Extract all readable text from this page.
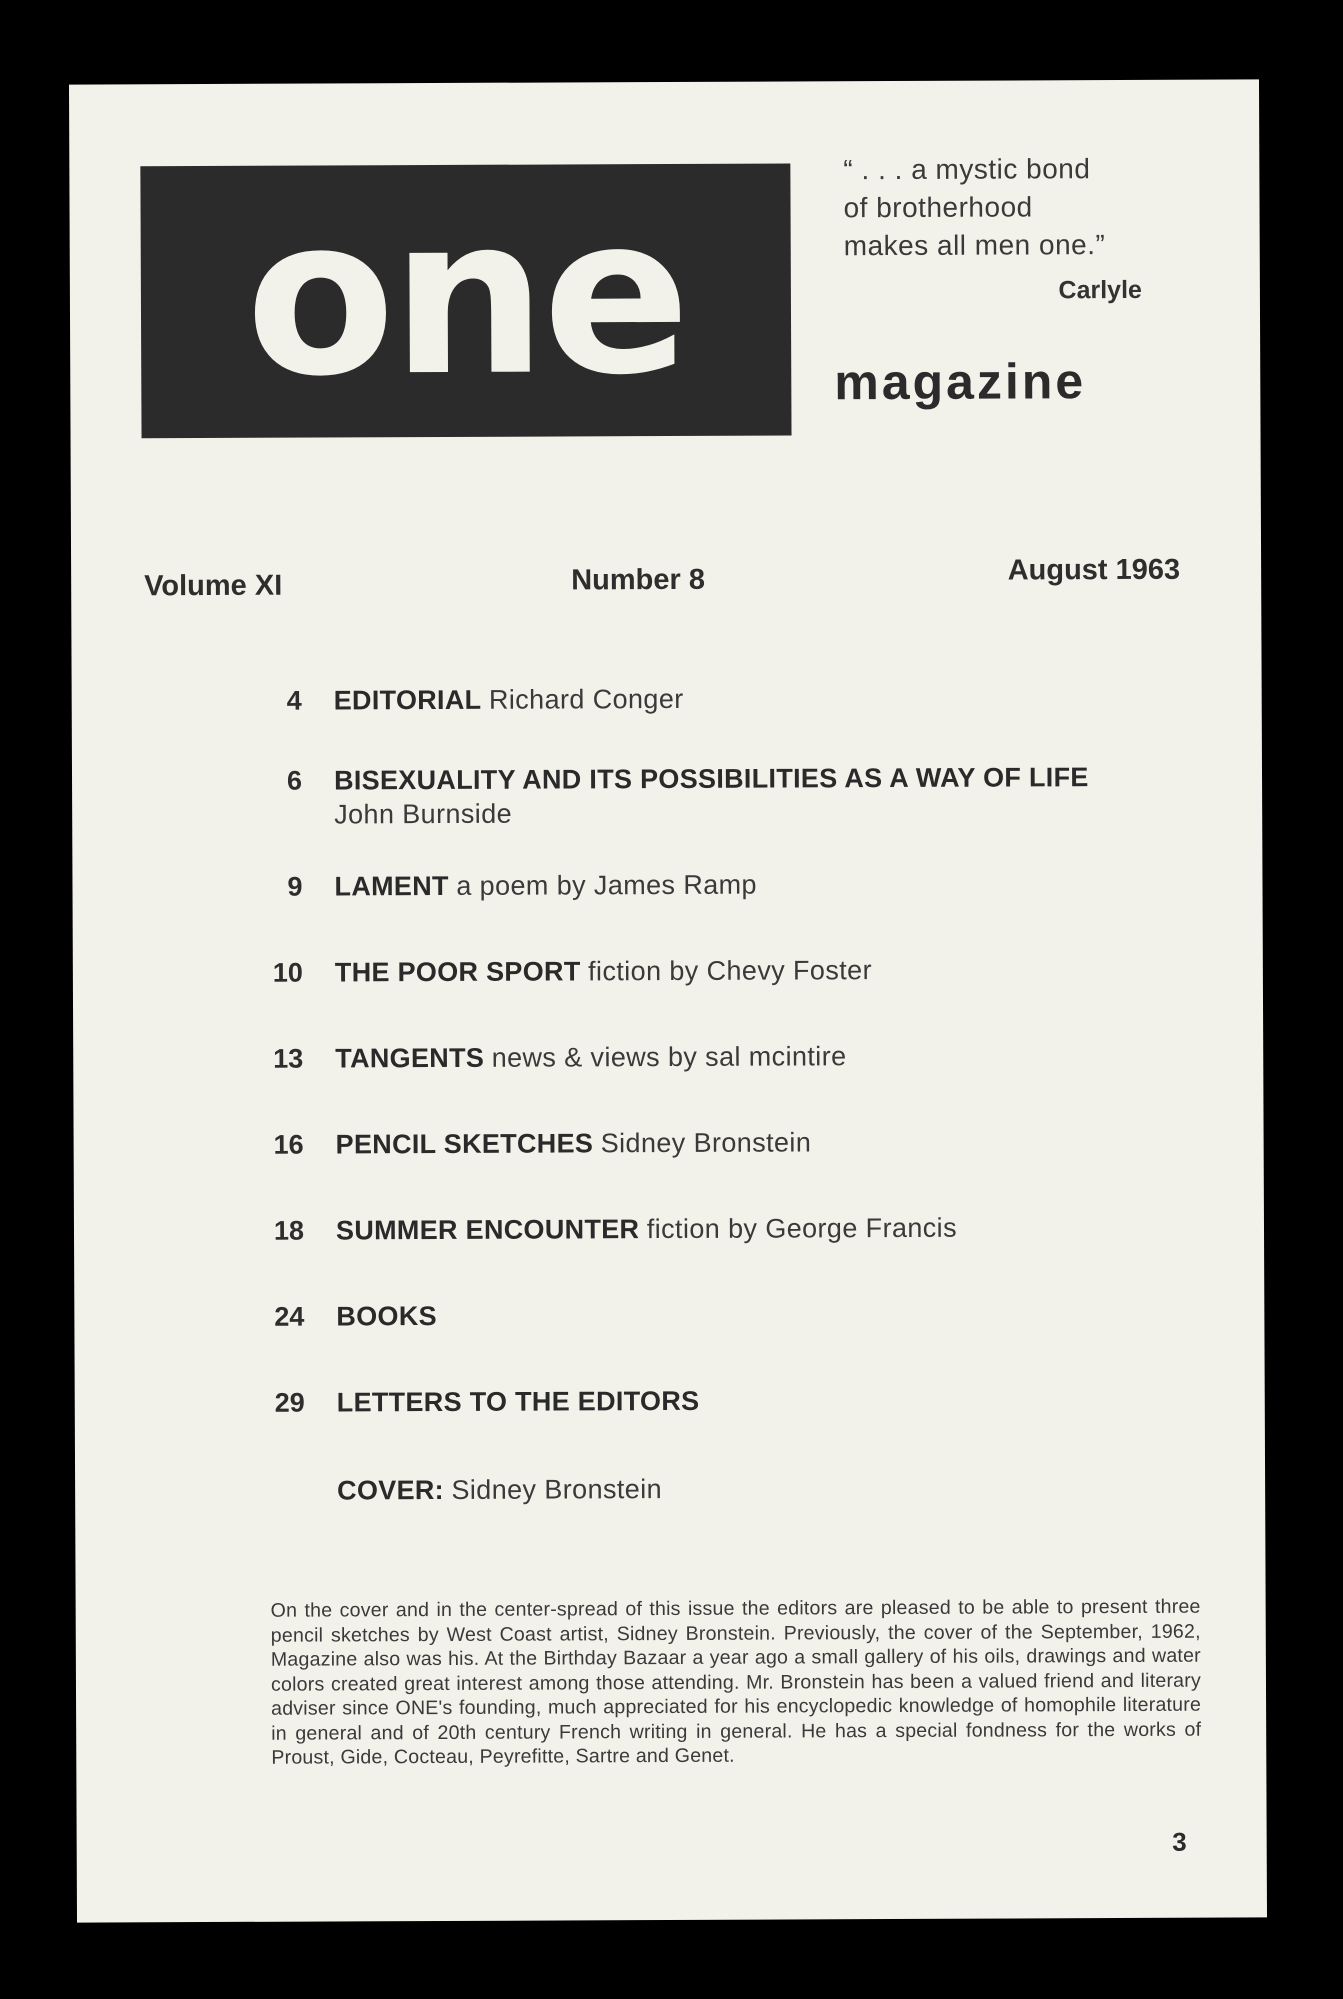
one
“ . . . a mystic bond
of brotherhood
makes all men one.”
Carlyle
magazine
Volume XI	Number 8	August 1963
4 EDITORIAL Richard Conger
6 BISEXUALITY AND ITS POSSIBILITIES AS A WAY OF LIFE
John Burnside
9 LAMENT a poem by James Ramp
10 THE POOR SPORT fiction by Chevy Foster
13 TANGENTS news & views by sal mcintire
16 PENCIL SKETCHES Sidney Bronstein
18 SUMMER ENCOUNTER fiction by George Francis
24 BOOKS
29 LETTERS TO THE EDITORS
COVER: Sidney Bronstein
On the cover and in the center-spread of this issue the editors are pleased to be able to present three pencil sketches by West Coast artist, Sidney Bronstein. Previously, the cover of the September, 1962, Magazine also was his. At the Birthday Bazaar a year ago a small gallery of his oils, drawings and water colors created great interest among those attending. Mr. Bronstein has been a valued friend and literary adviser since ONE's founding, much appreciated for his encyclopedic knowledge of homophile literature in general and of 20th century French writing in general. He has a special fondness for the works of Proust, Gide, Cocteau, Peyrefitte, Sartre and Genet.
3
